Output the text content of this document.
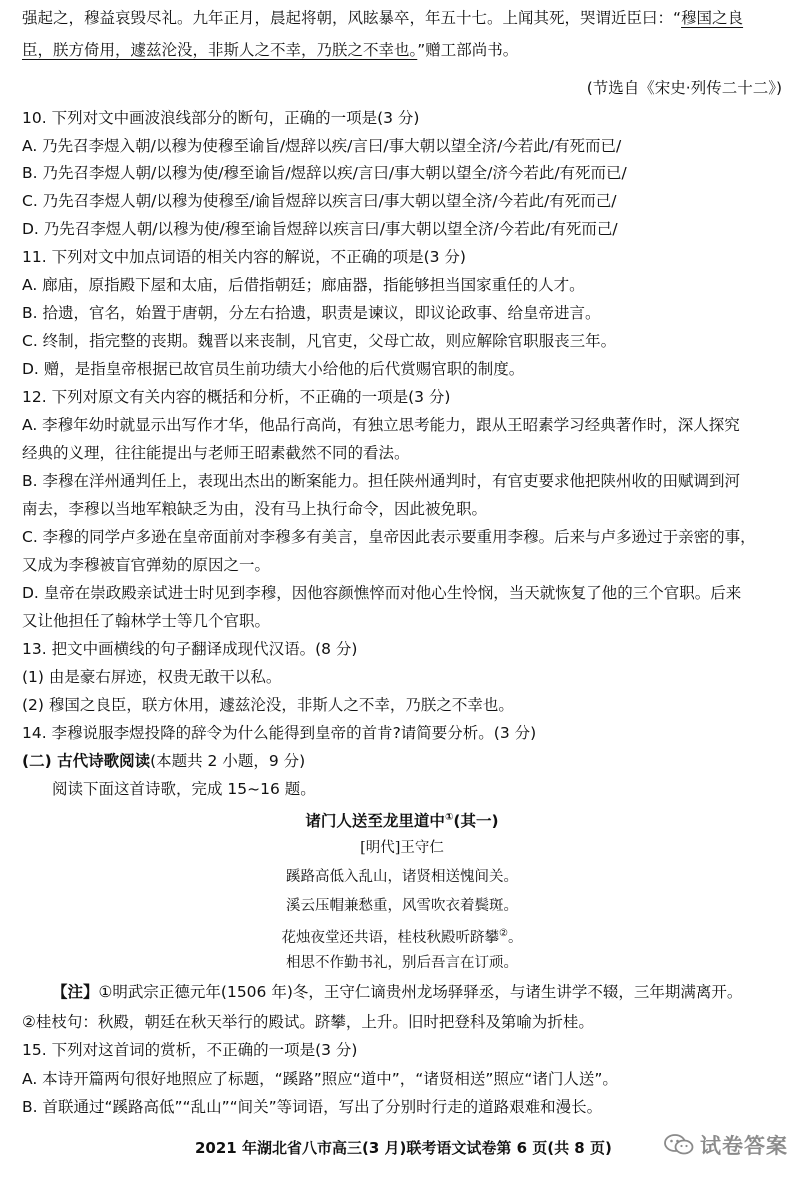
强起之，穆益哀毁尽礼。九年正月，晨起将朝，风眩暴卒，年五十七。上闻其死，哭谓近臣曰：“穆国之良
臣，朕方倚用，遽兹沦没，非斯人之不幸，乃朕之不幸也。”赠工部尚书。
(节选自《宋史·列传二十二》)
10. 下列对文中画波浪线部分的断句，正确的一项是(3 分)
A. 乃先召李煜入朝/以穆为使穆至谕旨/煜辞以疾/言曰/事大朝以望全济/今若此/有死而已/
B. 乃先召李煜人朝/以穆为使/穆至谕旨/煜辞以疾/言曰/事大朝以望全/济今若此/有死而已/
C. 乃先召李煜人朝/以穆为使穆至/谕旨煜辞以疾言曰/事大朝以望全济/今若此/有死而己/
D. 乃先召李煜人朝/以穆为使/穆至谕旨煜辞以疾言曰/事大朝以望全济/今若此/有死而己/
11. 下列对文中加点词语的相关内容的解说，不正确的项是(3 分)
A. 廊庙，原指殿下屋和太庙，后借指朝廷；廊庙器，指能够担当国家重任的人才。
B. 拾遗，官名，始置于唐朝，分左右拾遗，职责是谏议，即议论政事、给皇帝进言。
C. 终制，指完整的丧期。魏晋以来丧制，凡官吏，父母亡故，则应解除官职服丧三年。
D. 赠，是指皇帝根据已故官员生前功绩大小给他的后代赏赐官职的制度。
12. 下列对原文有关内容的概括和分析，不正确的一项是(3 分)
A. 李穆年幼时就显示出写作才华，他品行高尚，有独立思考能力，跟从王昭素学习经典著作时，深人探究
经典的义理，往往能提出与老师王昭素截然不同的看法。
B. 李穆在洋州通判任上，表现出杰出的断案能力。担任陕州通判时，有官吏要求他把陕州收的田赋调到河
南去，李穆以当地军粮缺乏为由，没有马上执行命令，因此被免职。
C. 李穆的同学卢多逊在皇帝面前对李穆多有美言，皇帝因此表示要重用李穆。后来与卢多逊过于亲密的事，
又成为李穆被盲官弹劾的原因之一。
D. 皇帝在崇政殿亲试进士时见到李穆，因他容颜憔悴而对他心生怜悯，当天就恢复了他的三个官职。后来
又让他担任了翰林学士等几个官职。
13. 把文中画横线的句子翻译成现代汉语。(8 分)
(1) 由是豪右屏迹，权贵无敢干以私。
(2) 穆国之良臣，联方休用，遽兹沦没，非斯人之不幸，乃朕之不幸也。
14. 李穆说服李煜投降的辞令为什么能得到皇帝的首肯?请简要分析。(3 分)
(二) 古代诗歌阅读(本题共 2 小题，9 分)
阅读下面这首诗歌，完成 15~16 题。
诸门人送至龙里道中①(其一)
[明代]王守仁
蹊路高低入乱山，诸贤相送愧间关。
溪云压帽兼愁重，风雪吹衣着鬓斑。
花烛夜堂还共语，桂枝秋殿听跻攀②。
相思不作勤书礼，别后吾言在订顽。
【注】①明武宗正德元年(1506 年)冬，王守仁谪贵州龙场驿驿丞，与诸生讲学不辍，三年期满离开。
②桂枝句：秋殿，朝廷在秋天举行的殿试。跻攀，上升。旧时把登科及第喻为折桂。
15. 下列对这首词的赏析，不正确的一项是(3 分)
A. 本诗开篇两句很好地照应了标题，“蹊路”照应“道中”，“诸贤相送”照应“诸门人送”。
B. 首联通过“蹊路高低”“乱山”“间关”等词语，写出了分别时行走的道路艰难和漫长。
2021 年湖北省八市高三(3 月)联考语文试卷第 6 页(共 8 页)	试卷答案
